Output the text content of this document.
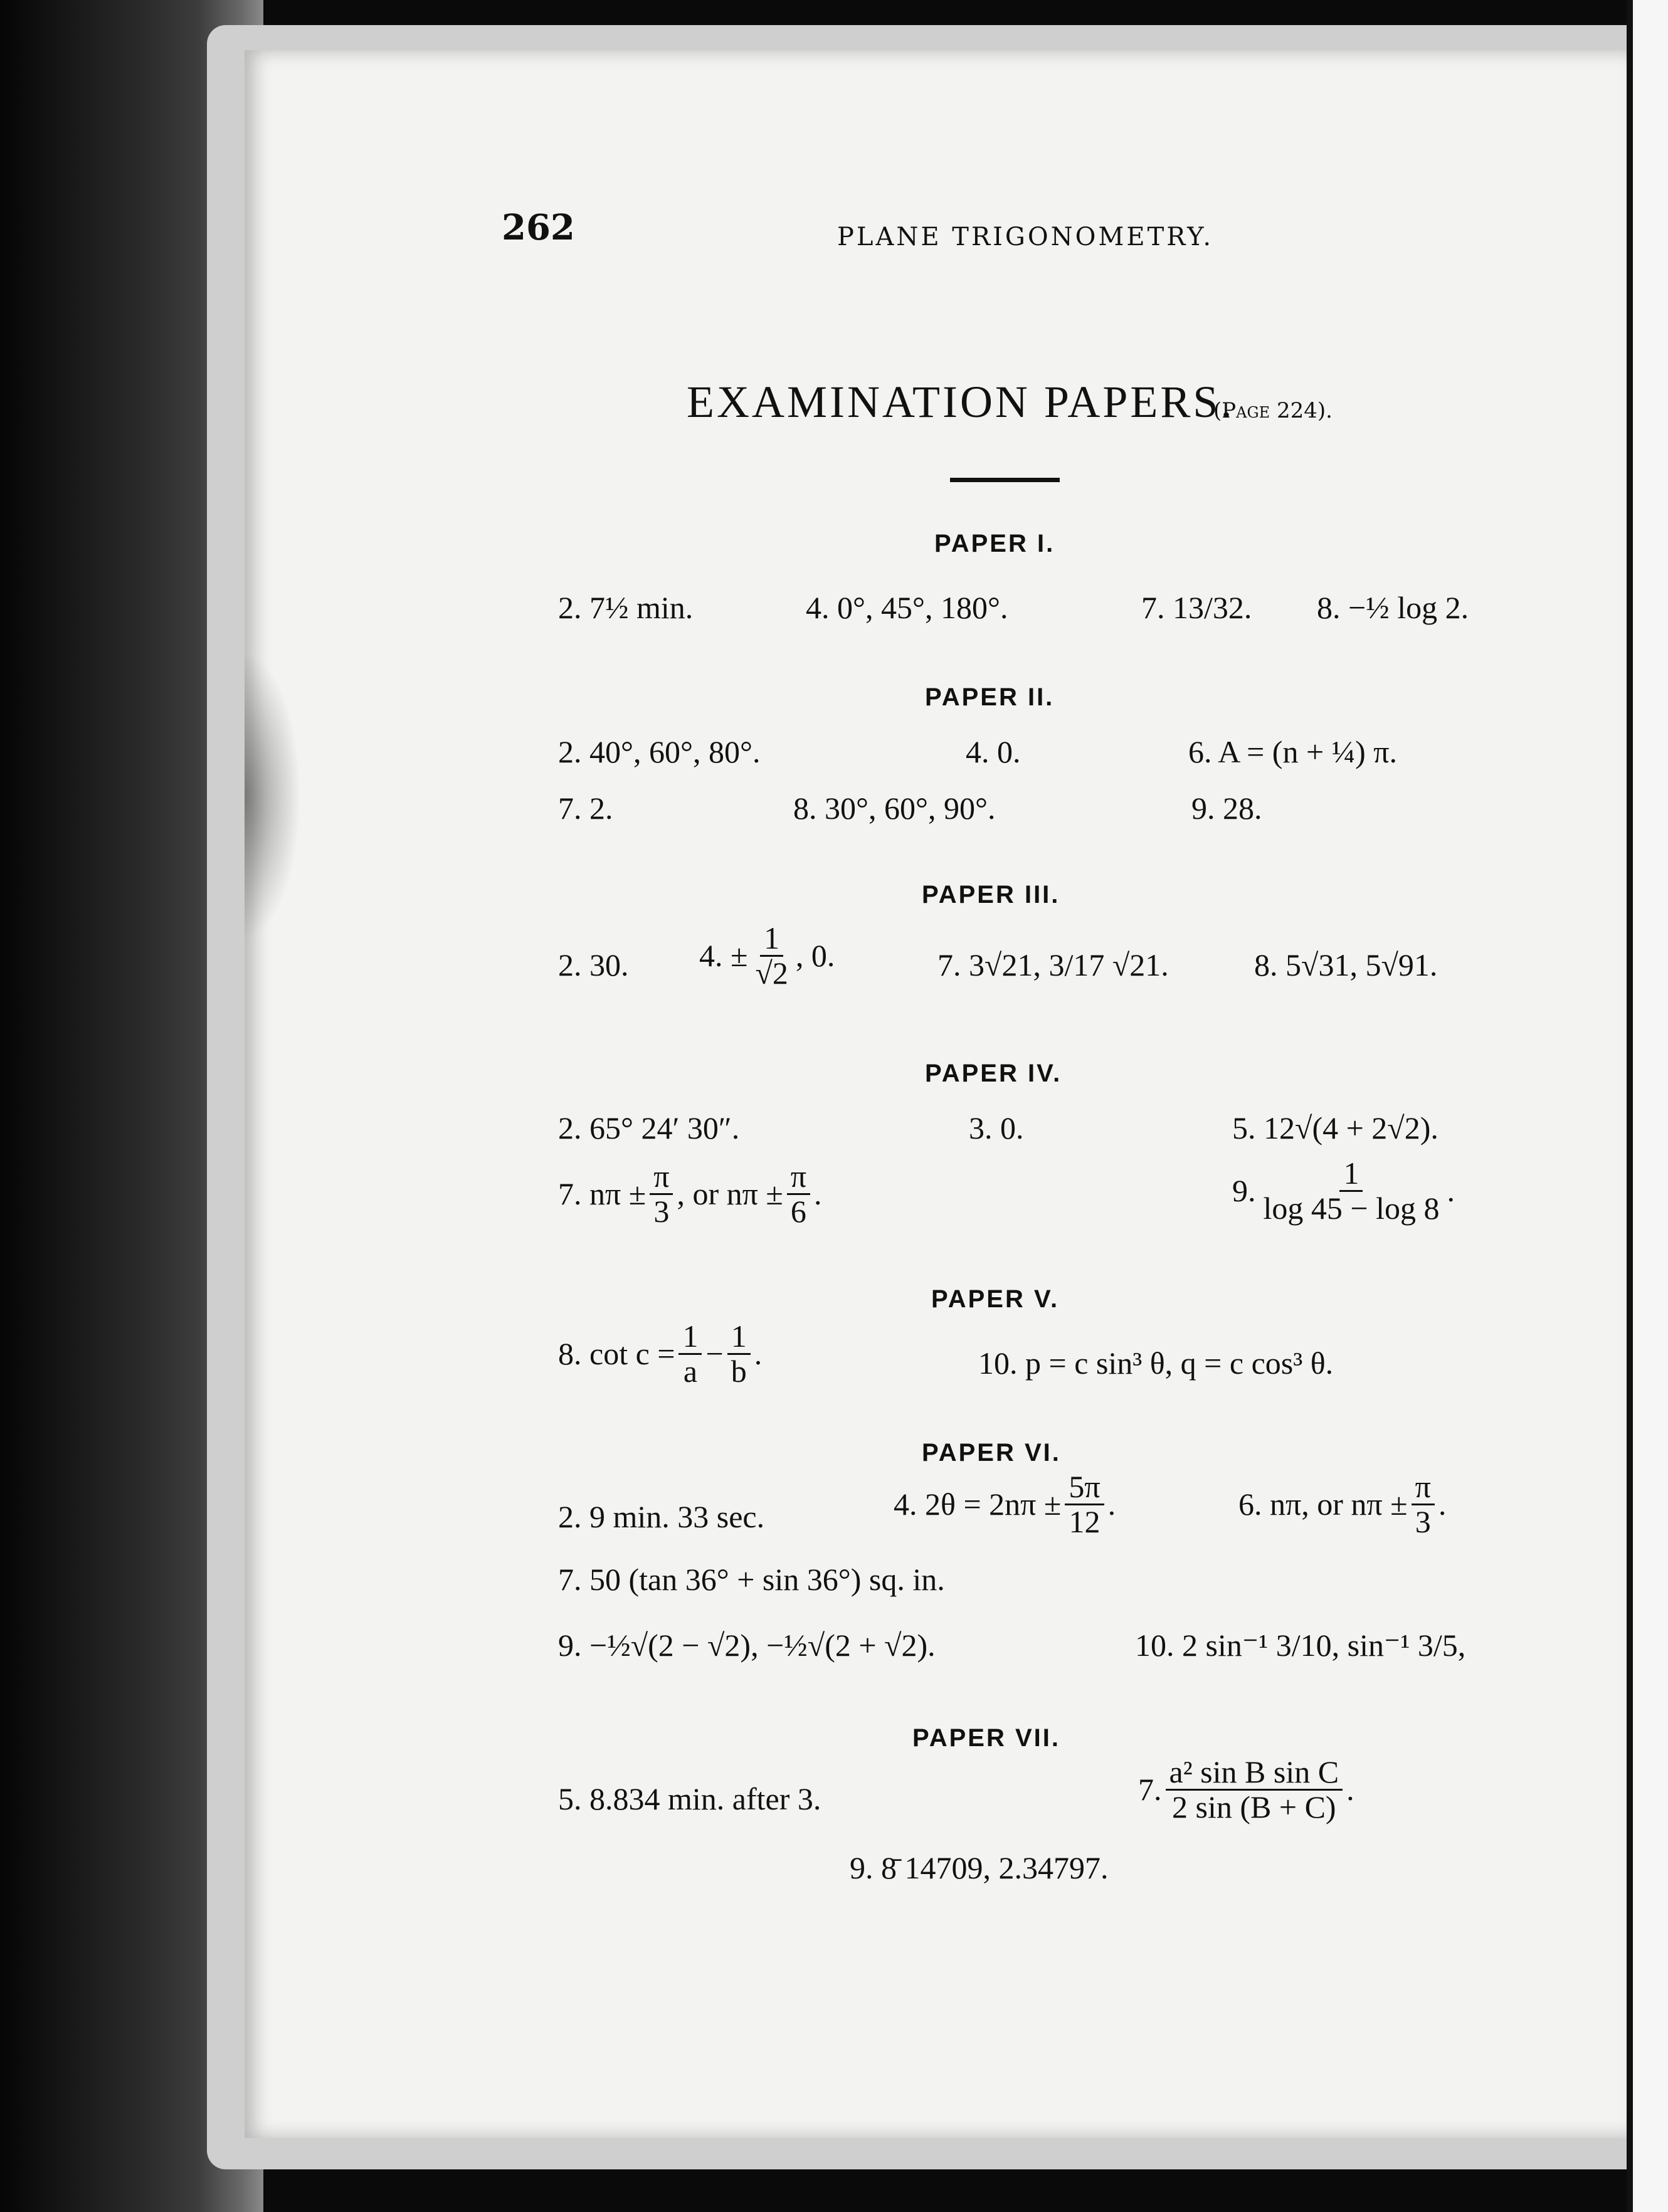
262	PLANE TRIGONOMETRY.
EXAMINATION PAPERS.
(Page 224).
PAPER I.
2. 7½ min.	4. 0°, 45°, 180°.	7. 13/32. 8. −½ log 2.
PAPER II.
2. 40°, 60°, 80°.	4. 0.	6. A = (n + ¼) π.
7. 2.	8. 30°, 60°, 90°.	9. 28.
PAPER III.
2. 30. 4. ± $\frac{1}{√2}$ , 0.	7. 3√21, 3/17 √21.	8. 5√31, 5√91.
PAPER IV.
2. 65° 24′ 30″.	3. 0.	5. 12√(4 + 2√2).
7. $n\pi \pm \frac{\pi}{3}$ , or $n\pi \pm \frac{\pi}{6}$ .	9. $\frac{1}{\log 45 - \log 8}$ .
PAPER V.
8. $\cot c = \frac{1}{a} - \frac{1}{b}$ .	10. p = c sin³ θ, q = c cos³ θ.
PAPER VI.
2. 9 min. 33 sec.	4. $2\theta = 2n\pi \pm \frac{5\pi}{12}$ .	6. nπ, or $n\pi \pm \frac{\pi}{3}$ .
7. 50 (tan 36° + sin 36°) sq. in.
9. −½√(2 − √2), −½√(2 + √2).	10. 2 sin⁻¹ 3/10, sin⁻¹ 3/5,
PAPER VII.
5. 8.834 min. after 3.	7. $\frac{\text{a² sin B sin C}}{2 \sin (B + C)}$ .
9. 8̄ 14709, 2.34797.
